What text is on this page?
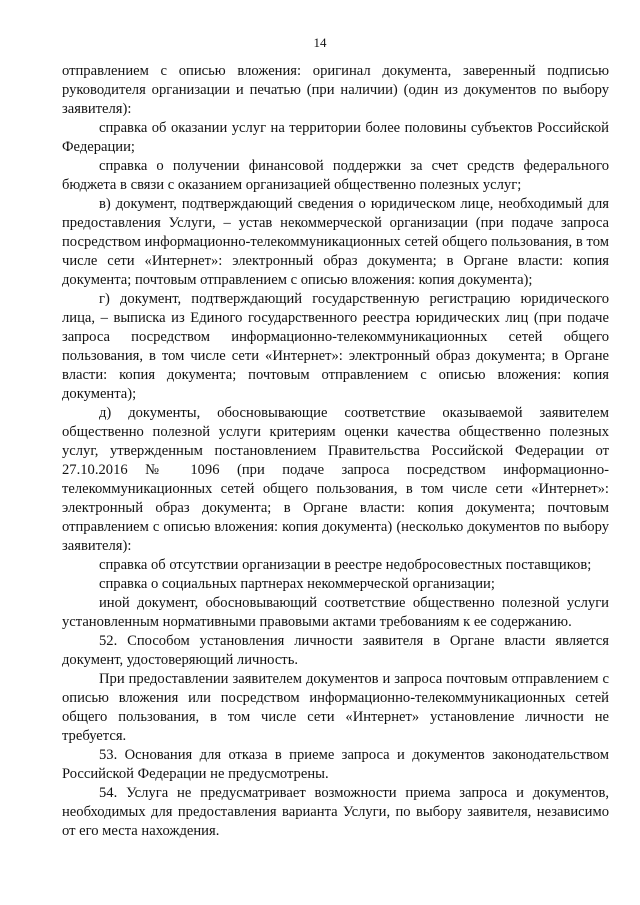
14

отправлением с описью вложения: оригинал документа, заверенный подписью руководителя организации и печатью (при наличии) (один из документов по выбору заявителя):

справка об оказании услуг на территории более половины субъектов Российской Федерации;

справка о получении финансовой поддержки за счет средств федерального бюджета в связи с оказанием организацией общественно полезных услуг;

в) документ, подтверждающий сведения о юридическом лице, необходимый для предоставления Услуги, – устав некоммерческой организации (при подаче запроса посредством информационно-телекоммуникационных сетей общего пользования, в том числе сети «Интернет»: электронный образ документа; в Органе власти: копия документа; почтовым отправлением с описью вложения: копия документа);

г) документ, подтверждающий государственную регистрацию юридического лица, – выписка из Единого государственного реестра юридических лиц (при подаче запроса посредством информационно-телекоммуникационных сетей общего пользования, в том числе сети «Интернет»: электронный образ документа; в Органе власти: копия документа; почтовым отправлением с описью вложения: копия документа);

д) документы, обосновывающие соответствие оказываемой заявителем общественно полезной услуги критериям оценки качества общественно полезных услуг, утвержденным постановлением Правительства Российской Федерации от 27.10.2016 № 1096 (при подаче запроса посредством информационно-телекоммуникационных сетей общего пользования, в том числе сети «Интернет»: электронный образ документа; в Органе власти: копия документа; почтовым отправлением с описью вложения: копия документа) (несколько документов по выбору заявителя):

справка об отсутствии организации в реестре недобросовестных поставщиков;

справка о социальных партнерах некоммерческой организации;

иной документ, обосновывающий соответствие общественно полезной услуги установленным нормативными правовыми актами требованиям к ее содержанию.

52. Способом установления личности заявителя в Органе власти является документ, удостоверяющий личность.

При предоставлении заявителем документов и запроса почтовым отправлением с описью вложения или посредством информационно-телекоммуникационных сетей общего пользования, в том числе сети «Интернет» установление личности не требуется.

53. Основания для отказа в приеме запроса и документов законодательством Российской Федерации не предусмотрены.

54. Услуга не предусматривает возможности приема запроса и документов, необходимых для предоставления варианта Услуги, по выбору заявителя, независимо от его места нахождения.
